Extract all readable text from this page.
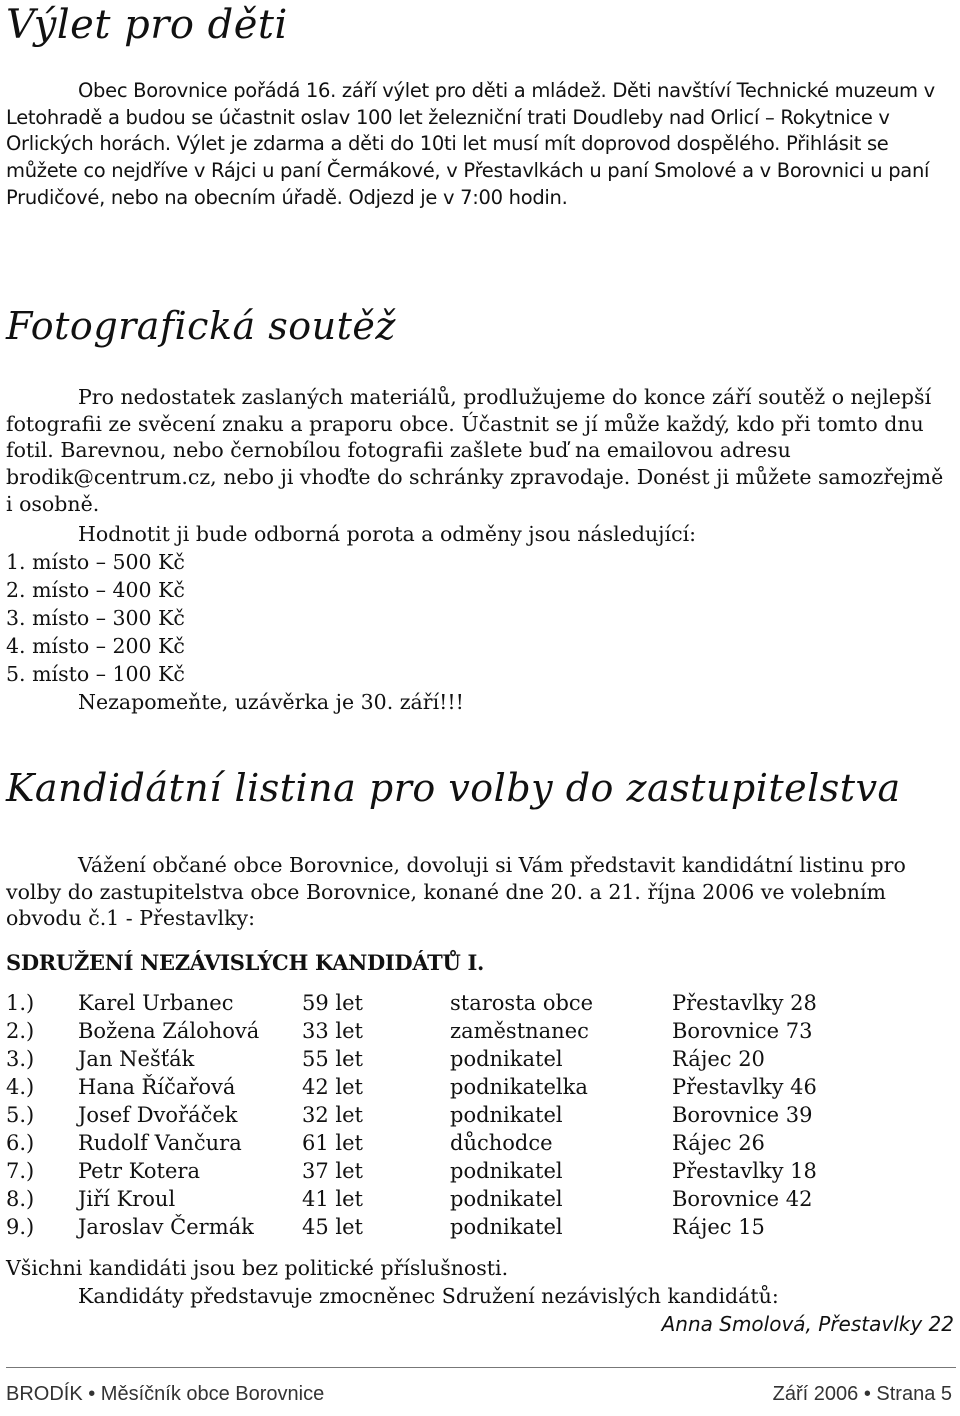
Výlet pro děti
Obec Borovnice pořádá 16. září výlet pro děti a mládež. Děti navštíví Technické muzeum v Letohradě a budou se účastnit oslav 100 let železniční trati Doudleby nad Orlicí – Rokytnice v Orlických horách. Výlet je zdarma a děti do 10ti let musí mít doprovod dospělého. Přihlásit se můžete co nejdříve v Rájci u paní Čermákové, v Přestavlkách u paní Smolové a v Borovnici u paní Prudičové, nebo na obecním úřadě. Odjezd je v 7:00 hodin.
Fotografická soutěž
Pro nedostatek zaslaných materiálů, prodlužujeme do konce září soutěž o nejlepší fotografii ze svěcení znaku a praporu obce. Účastnit se jí může každý, kdo při tomto dnu fotil. Barevnou, nebo černobílou fotografii zašlete buď na emailovou adresu brodik@centrum.cz, nebo ji vhoďte do schránky zpravodaje. Donést ji můžete samozřejmě i osobně.
Hodnotit ji bude odborná porota a odměny jsou následující:
1. místo – 500 Kč
2. místo – 400 Kč
3. místo – 300 Kč
4. místo – 200 Kč
5. místo – 100 Kč
Nezapomeňte, uzávěrka je 30. září!!!
Kandidátní listina pro volby do zastupitelstva
Vážení občané obce Borovnice, dovoluji si Vám představit kandidátní listinu pro volby do zastupitelstva obce Borovnice, konané dne 20. a 21. října 2006 ve volebním obvodu č.1 - Přestavlky:
SDRUŽENÍ NEZÁVISLÝCH KANDIDÁTŮ I.
1.)	Karel Urbanec	59 let	starosta obce	Přestavlky 28
2.)	Božena Zálohová	33 let	zaměstnanec	Borovnice 73
3.)	Jan Nešťák	55 let	podnikatel	Rájec 20
4.)	Hana Říčařová	42 let	podnikatelka	Přestavlky 46
5.)	Josef Dvořáček	32 let	podnikatel	Borovnice 39
6.)	Rudolf Vančura	61 let	důchodce	Rájec 26
7.)	Petr Kotera	37 let	podnikatel	Přestavlky 18
8.)	Jiří Kroul	41 let	podnikatel	Borovnice 42
9.)	Jaroslav Čermák	45 let	podnikatel	Rájec 15
Všichni kandidáti jsou bez politické příslušnosti.
Kandidáty představuje zmocněnec Sdružení nezávislých kandidátů:
Anna Smolová, Přestavlky 22
BRODÍK • Měsíčník obce Borovnice	Září 2006 • Strana 5
